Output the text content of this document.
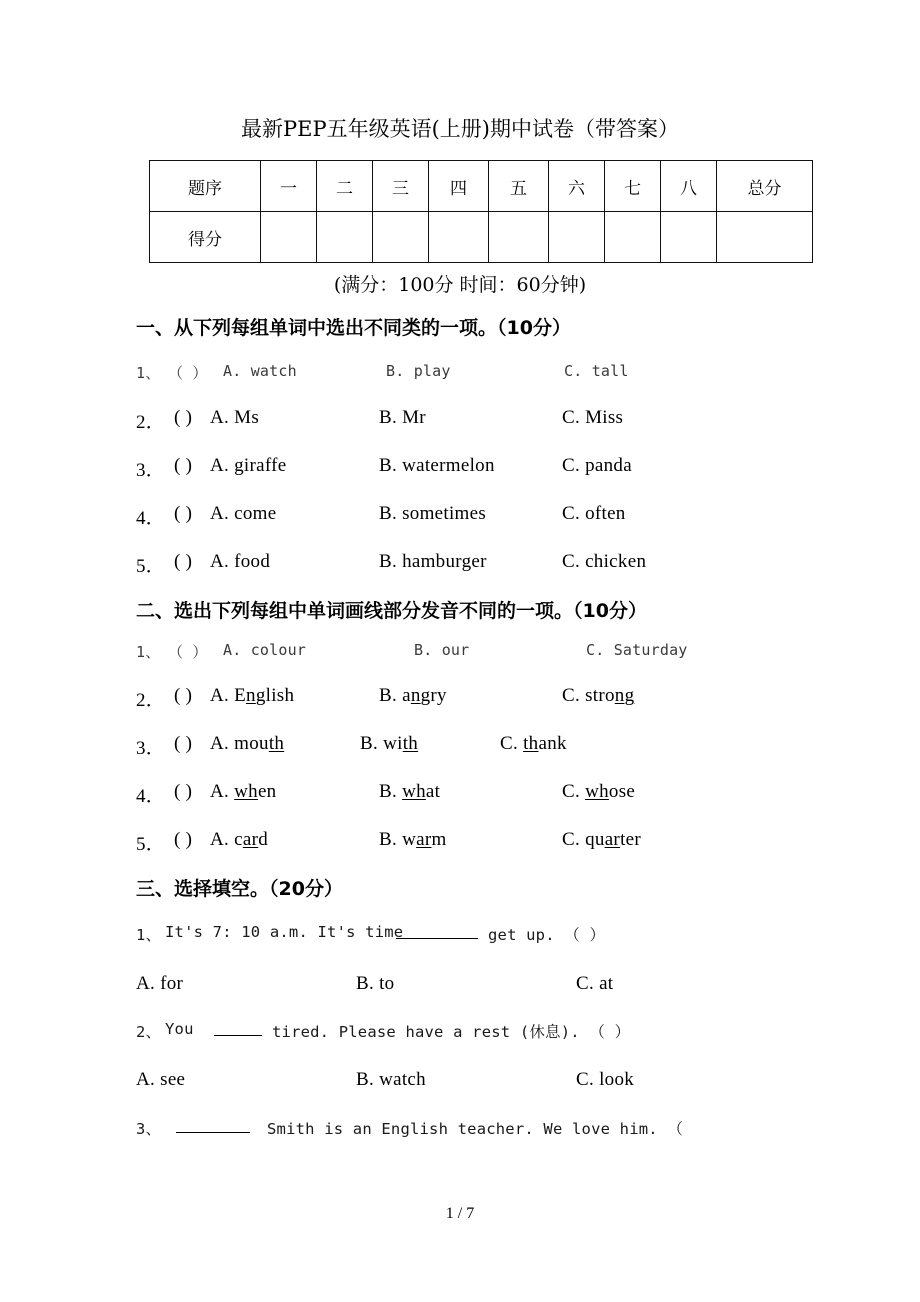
最新PEP五年级英语(上册)期中试卷（带答案）
题序	一	二	三	四	五	六	七	八	总分
得分									
(满分：100分 时间：60分钟)
一、从下列每组单词中选出不同类的一项。（10分）
1、 （ ） A. watch	B. play	C. tall
2． ( ) A. Ms	B. Mr	C. Miss
3． ( ) A. giraffe	B. watermelon	C. panda
4． ( ) A. come	B. sometimes	C. often
5． ( ) A. food	B. hamburger	C. chicken
二、选出下列每组中单词画线部分发音不同的一项。（10分）
1、 （ ） A. colour	B. our	C. Saturday
2． ( ) A. English	B. angry	C. strong
3． ( ) A. mouth	B. with	C. thank
4． ( ) A. when	B. what	C. whose
5． ( ) A. card	B. warm	C. quarter
三、选择填空。（20分）
1、 It's 7: 10 a.m. It's time	get up. （ ）
A. for	B. to	C. at
2、 You	tired. Please have a rest (休息). （ ）
A. see	B. watch	C. look
3、	Smith is an English teacher. We love him. （
1 / 7
